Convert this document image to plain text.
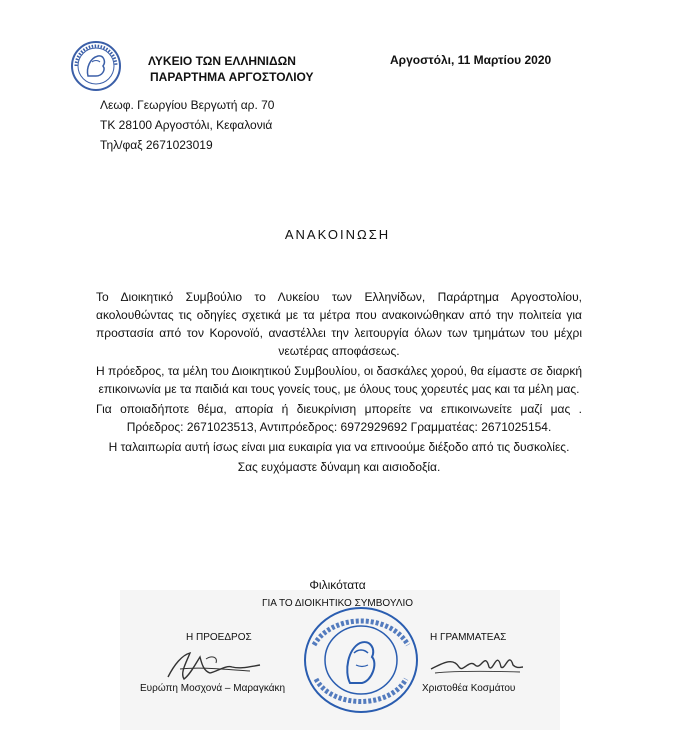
ΛΥΚΕΙΟ ΤΩΝ ΕΛΛΗΝΙΔΩΝ
ΠΑΡΑΡΤΗΜΑ ΑΡΓΟΣΤΟΛΙΟΥ
Αργοστόλι, 11 Μαρτίου 2020
Λεωφ. Γεωργίου Βεργωτή αρ. 70
ΤΚ 28100 Αργοστόλι, Κεφαλονιά
Τηλ/φαξ 2671023019
ΑΝΑΚΟΙΝΩΣΗ

Το Διοικητικό Συμβούλιο το Λυκείου των Ελληνίδων, Παράρτημα Αργοστολίου, ακολουθώντας τις οδηγίες σχετικά με τα μέτρα που ανακοινώθηκαν από την πολιτεία για προστασία από τον Κορονοϊό, αναστέλλει την λειτουργία όλων των τμημάτων του μέχρι νεωτέρας αποφάσεως.

Η πρόεδρος, τα μέλη του Διοικητικού Συμβουλίου, οι δασκάλες χορού, θα είμαστε σε διαρκή επικοινωνία με τα παιδιά και τους γονείς τους, με όλους τους χορευτές μας και τα μέλη μας.

Για οποιαδήποτε θέμα, απορία ή διευκρίνιση μπορείτε να επικοινωνείτε μαζί μας . Πρόεδρος: 2671023513, Αντιπρόεδρος: 6972929692 Γραμματέας: 2671025154.

Η ταλαιπωρία αυτή ίσως είναι μια ευκαιρία για να επινοούμε διέξοδο από τις δυσκολίες.

Σας ευχόμαστε δύναμη και αισιοδοξία.

Φιλικότατα
ΓΙΑ ΤΟ ΔΙΟΙΚΗΤΙΚΟ ΣΥΜΒΟΥΛΙΟ
Η ΠΡΟΕΔΡΟΣ	Η ΓΡΑΜΜΑΤΕΑΣ
Ευρώπη Μοσχονά – Μαραγκάκη	Χριστοθέα Κοσμάτου
